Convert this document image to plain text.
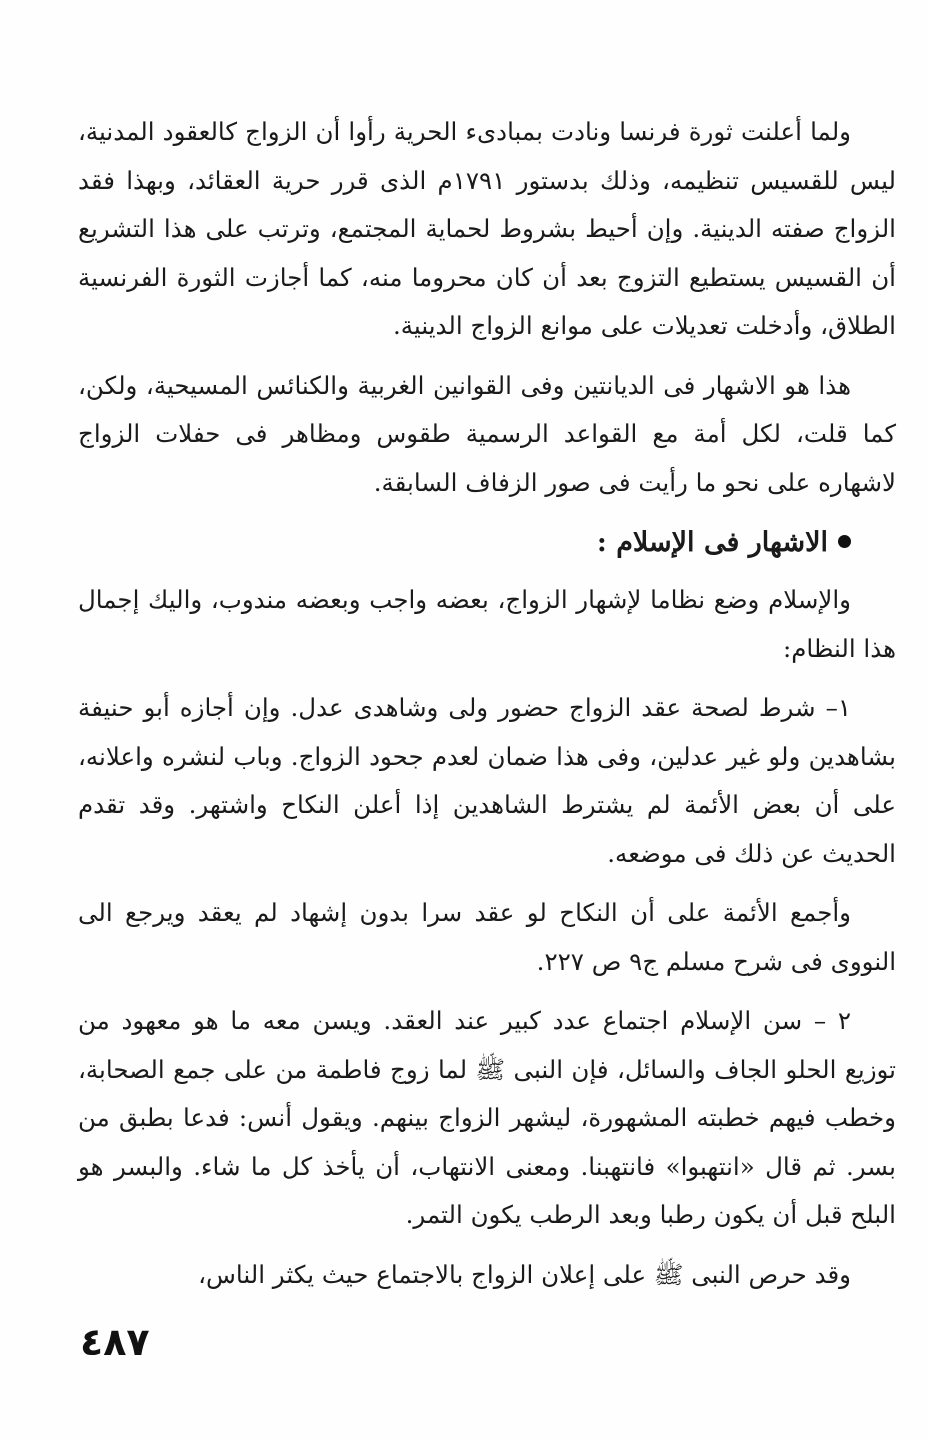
ولما أعلنت ثورة فرنسا ونادت بمبادىء الحرية رأوا أن الزواج كالعقود المدنية، ليس للقسيس تنظيمه، وذلك بدستور ١٧٩١م الذى قرر حرية العقائد، وبهذا فقد الزواج صفته الدينية. وإن أحيط بشروط لحماية المجتمع، وترتب على هذا التشريع أن القسيس يستطيع التزوج بعد أن كان محروما منه، كما أجازت الثورة الفرنسية الطلاق، وأدخلت تعديلات على موانع الزواج الدينية.

هذا هو الاشهار فى الديانتين وفى القوانين الغربية والكنائس المسيحية، ولكن، كما قلت، لكل أمة مع القواعد الرسمية طقوس ومظاهر فى حفلات الزواج لاشهاره على نحو ما رأيت فى صور الزفاف السابقة.

الاشهار فى الإسلام :

والإسلام وضع نظاما لإشهار الزواج، بعضه واجب وبعضه مندوب، واليك إجمال هذا النظام:

١– شرط لصحة عقد الزواج حضور ولى وشاهدى عدل. وإن أجازه أبو حنيفة بشاهدين ولو غير عدلين، وفى هذا ضمان لعدم جحود الزواج. وباب لنشره واعلانه، على أن بعض الأئمة لم يشترط الشاهدين إذا أعلن النكاح واشتهر. وقد تقدم الحديث عن ذلك فى موضعه.

وأجمع الأئمة على أن النكاح لو عقد سرا بدون إشهاد لم يعقد ويرجع الى النووى فى شرح مسلم ج٩ ص ٢٢٧.

٢ – سن الإسلام اجتماع عدد كبير عند العقد. ويسن معه ما هو معهود من توزيع الحلو الجاف والسائل، فإن النبى ﷺ لما زوج فاطمة من على جمع الصحابة، وخطب فيهم خطبته المشهورة، ليشهر الزواج بينهم. ويقول أنس: فدعا بطبق من بسر. ثم قال «انتهبوا» فانتهبنا. ومعنى الانتهاب، أن يأخذ كل ما شاء. والبسر هو البلح قبل أن يكون رطبا وبعد الرطب يكون التمر.

وقد حرص النبى ﷺ على إعلان الزواج بالاجتماع حيث يكثر الناس،

٤٨٧
